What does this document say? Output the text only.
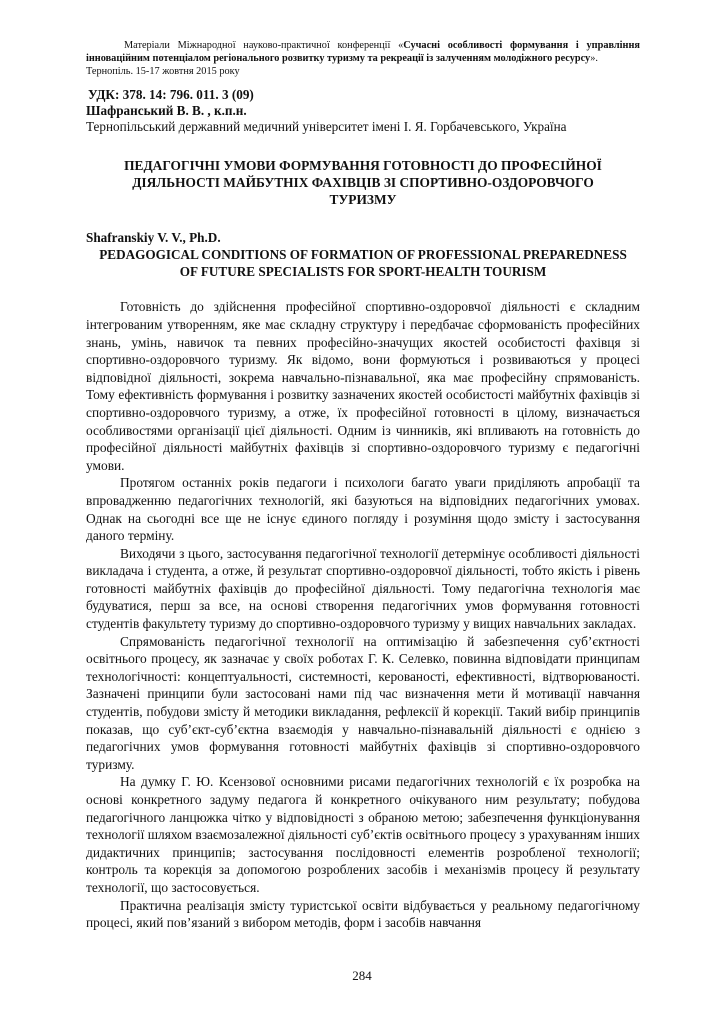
Матеріали Міжнародної науково-практичної конференції «Сучасні особливості формування і управління інноваційним потенціалом регіонального розвитку туризму та рекреації із залученням молодіжного ресурсу».
Тернопіль. 15-17 жовтня 2015 року
УДК: 378. 14: 796. 011. 3 (09)
Шафранський В. В. , к.п.н.
Тернопільський державний медичний університет імені І. Я. Горбачевського, Україна
ПЕДАГОГІЧНІ УМОВИ ФОРМУВАННЯ ГОТОВНОСТІ ДО ПРОФЕСІЙНОЇ ДІЯЛЬНОСТІ МАЙБУТНІХ ФАХІВЦІВ ЗІ СПОРТИВНО-ОЗДОРОВЧОГО ТУРИЗМУ
Shafranskiy V. V., Ph.D.
PEDAGOGICAL CONDITIONS OF FORMATION OF PROFESSIONAL PREPAREDNESS OF FUTURE SPECIALISTS FOR SPORT-HEALTH TOURISM

Готовність до здійснення професійної спортивно-оздоровчої діяльності є складним інтегрованим утворенням, яке має складну структуру і передбачає сформованість професійних знань, умінь, навичок та певних професійно-значущих якостей особистості фахівця зі спортивно-оздоровчого туризму. Як відомо, вони формуються і розвиваються у процесі відповідної діяльності, зокрема навчально-пізнавальної, яка має професійну спрямованість. Тому ефективність формування і розвитку зазначених якостей особистості майбутніх фахівців зі спортивно-оздоровчого туризму, а отже, їх професійної готовності в цілому, визначається особливостями організації цієї діяльності. Одним із чинників, які впливають на готовність до професійної діяльності майбутніх фахівців зі спортивно-оздоровчого туризму є педагогічні умови.

Протягом останніх років педагоги і психологи багато уваги приділяють апробації та впровадженню педагогічних технологій, які базуються на відповідних педагогічних умовах. Однак на сьогодні все ще не існує єдиного погляду і розуміння щодо змісту і застосування даного терміну.

Виходячи з цього, застосування педагогічної технології детермінує особливості діяльності викладача і студента, а отже, й результат спортивно-оздоровчої діяльності, тобто якість і рівень готовності майбутніх фахівців до професійної діяльності. Тому педагогічна технологія має будуватися, перш за все, на основі створення педагогічних умов формування готовності студентів факультету туризму до спортивно-оздоровчого туризму у вищих навчальних закладах.

Спрямованість педагогічної технології на оптимізацію й забезпечення суб’єктності освітнього процесу, як зазначає у своїх роботах Г. К. Селевко, повинна відповідати принципам технологічності: концептуальності, системності, керованості, ефективності, відтворюваності. Зазначені принципи були застосовані нами під час визначення мети й мотивації навчання студентів, побудови змісту й методики викладання, рефлексії й корекції. Такий вибір принципів показав, що суб’єкт-суб’єктна взаємодія у навчально-пізнавальній діяльності є однією з педагогічних умов формування готовності майбутніх фахівців зі спортивно-оздоровчого туризму.

На думку Г. Ю. Ксензової основними рисами педагогічних технологій є їх розробка на основі конкретного задуму педагога й конкретного очікуваного ним результату; побудова педагогічного ланцюжка чітко у відповідності з обраною метою; забезпечення функціонування технології шляхом взаємозалежної діяльності суб’єктів освітнього процесу з урахуванням інших дидактичних принципів; застосування послідовності елементів розробленої технології; контроль та корекція за допомогою розроблених засобів і механізмів процесу й результату технології, що застосовується.

Практична реалізація змісту туристської освіти відбувається у реальному педагогічному процесі, який пов’язаний з вибором методів, форм і засобів навчання

284
